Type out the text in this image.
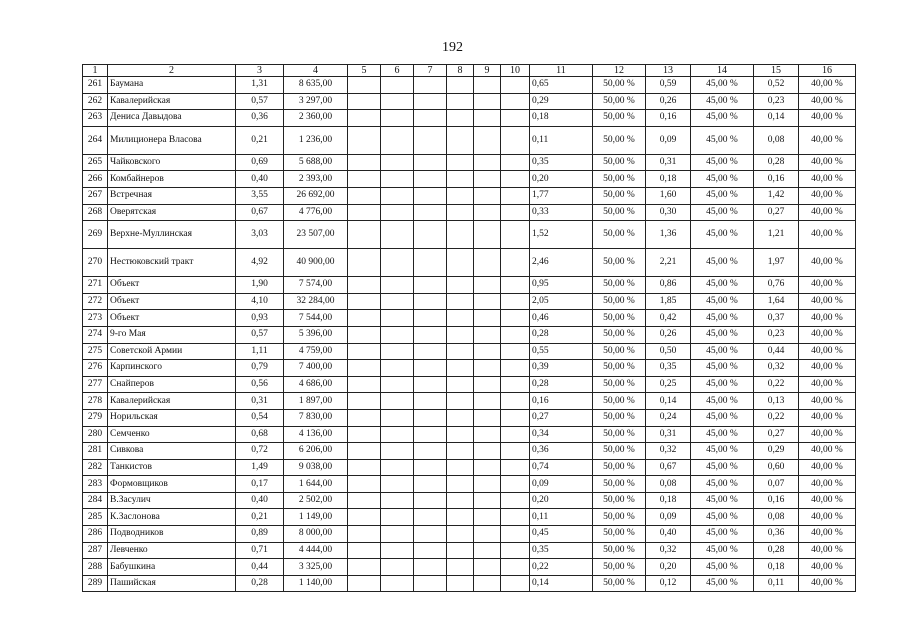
192
1	2	3	4	5	6	7	8	9	10	11	12	13	14	15	16
261	Баумана	1,31	8 635,00							0,65	50,00 %	0,59	45,00 %	0,52	40,00 %
262	Кавалерийская	0,57	3 297,00							0,29	50,00 %	0,26	45,00 %	0,23	40,00 %
263	Дениса Давыдова	0,36	2 360,00							0,18	50,00 %	0,16	45,00 %	0,14	40,00 %
264	Милиционера Власова	0,21	1 236,00							0,11	50,00 %	0,09	45,00 %	0,08	40,00 %
265	Чайковского	0,69	5 688,00							0,35	50,00 %	0,31	45,00 %	0,28	40,00 %
266	Комбайнеров	0,40	2 393,00							0,20	50,00 %	0,18	45,00 %	0,16	40,00 %
267	Встречная	3,55	26 692,00							1,77	50,00 %	1,60	45,00 %	1,42	40,00 %
268	Оверятская	0,67	4 776,00							0,33	50,00 %	0,30	45,00 %	0,27	40,00 %
269	Верхне-Муллинская	3,03	23 507,00							1,52	50,00 %	1,36	45,00 %	1,21	40,00 %
270	Нестюковский тракт	4,92	40 900,00							2,46	50,00 %	2,21	45,00 %	1,97	40,00 %
271	Объект	1,90	7 574,00							0,95	50,00 %	0,86	45,00 %	0,76	40,00 %
272	Объект	4,10	32 284,00							2,05	50,00 %	1,85	45,00 %	1,64	40,00 %
273	Объект	0,93	7 544,00							0,46	50,00 %	0,42	45,00 %	0,37	40,00 %
274	9-го Мая	0,57	5 396,00							0,28	50,00 %	0,26	45,00 %	0,23	40,00 %
275	Советской Армии	1,11	4 759,00							0,55	50,00 %	0,50	45,00 %	0,44	40,00 %
276	Карпинского	0,79	7 400,00							0,39	50,00 %	0,35	45,00 %	0,32	40,00 %
277	Снайперов	0,56	4 686,00							0,28	50,00 %	0,25	45,00 %	0,22	40,00 %
278	Кавалерийская	0,31	1 897,00							0,16	50,00 %	0,14	45,00 %	0,13	40,00 %
279	Норильская	0,54	7 830,00							0,27	50,00 %	0,24	45,00 %	0,22	40,00 %
280	Семченко	0,68	4 136,00							0,34	50,00 %	0,31	45,00 %	0,27	40,00 %
281	Сивкова	0,72	6 206,00							0,36	50,00 %	0,32	45,00 %	0,29	40,00 %
282	Танкистов	1,49	9 038,00							0,74	50,00 %	0,67	45,00 %	0,60	40,00 %
283	Формовщиков	0,17	1 644,00							0,09	50,00 %	0,08	45,00 %	0,07	40,00 %
284	В.Засулич	0,40	2 502,00							0,20	50,00 %	0,18	45,00 %	0,16	40,00 %
285	К.Заслонова	0,21	1 149,00							0,11	50,00 %	0,09	45,00 %	0,08	40,00 %
286	Подводников	0,89	8 000,00							0,45	50,00 %	0,40	45,00 %	0,36	40,00 %
287	Левченко	0,71	4 444,00							0,35	50,00 %	0,32	45,00 %	0,28	40,00 %
288	Бабушкина	0,44	3 325,00							0,22	50,00 %	0,20	45,00 %	0,18	40,00 %
289	Пашийская	0,28	1 140,00							0,14	50,00 %	0,12	45,00 %	0,11	40,00 %
